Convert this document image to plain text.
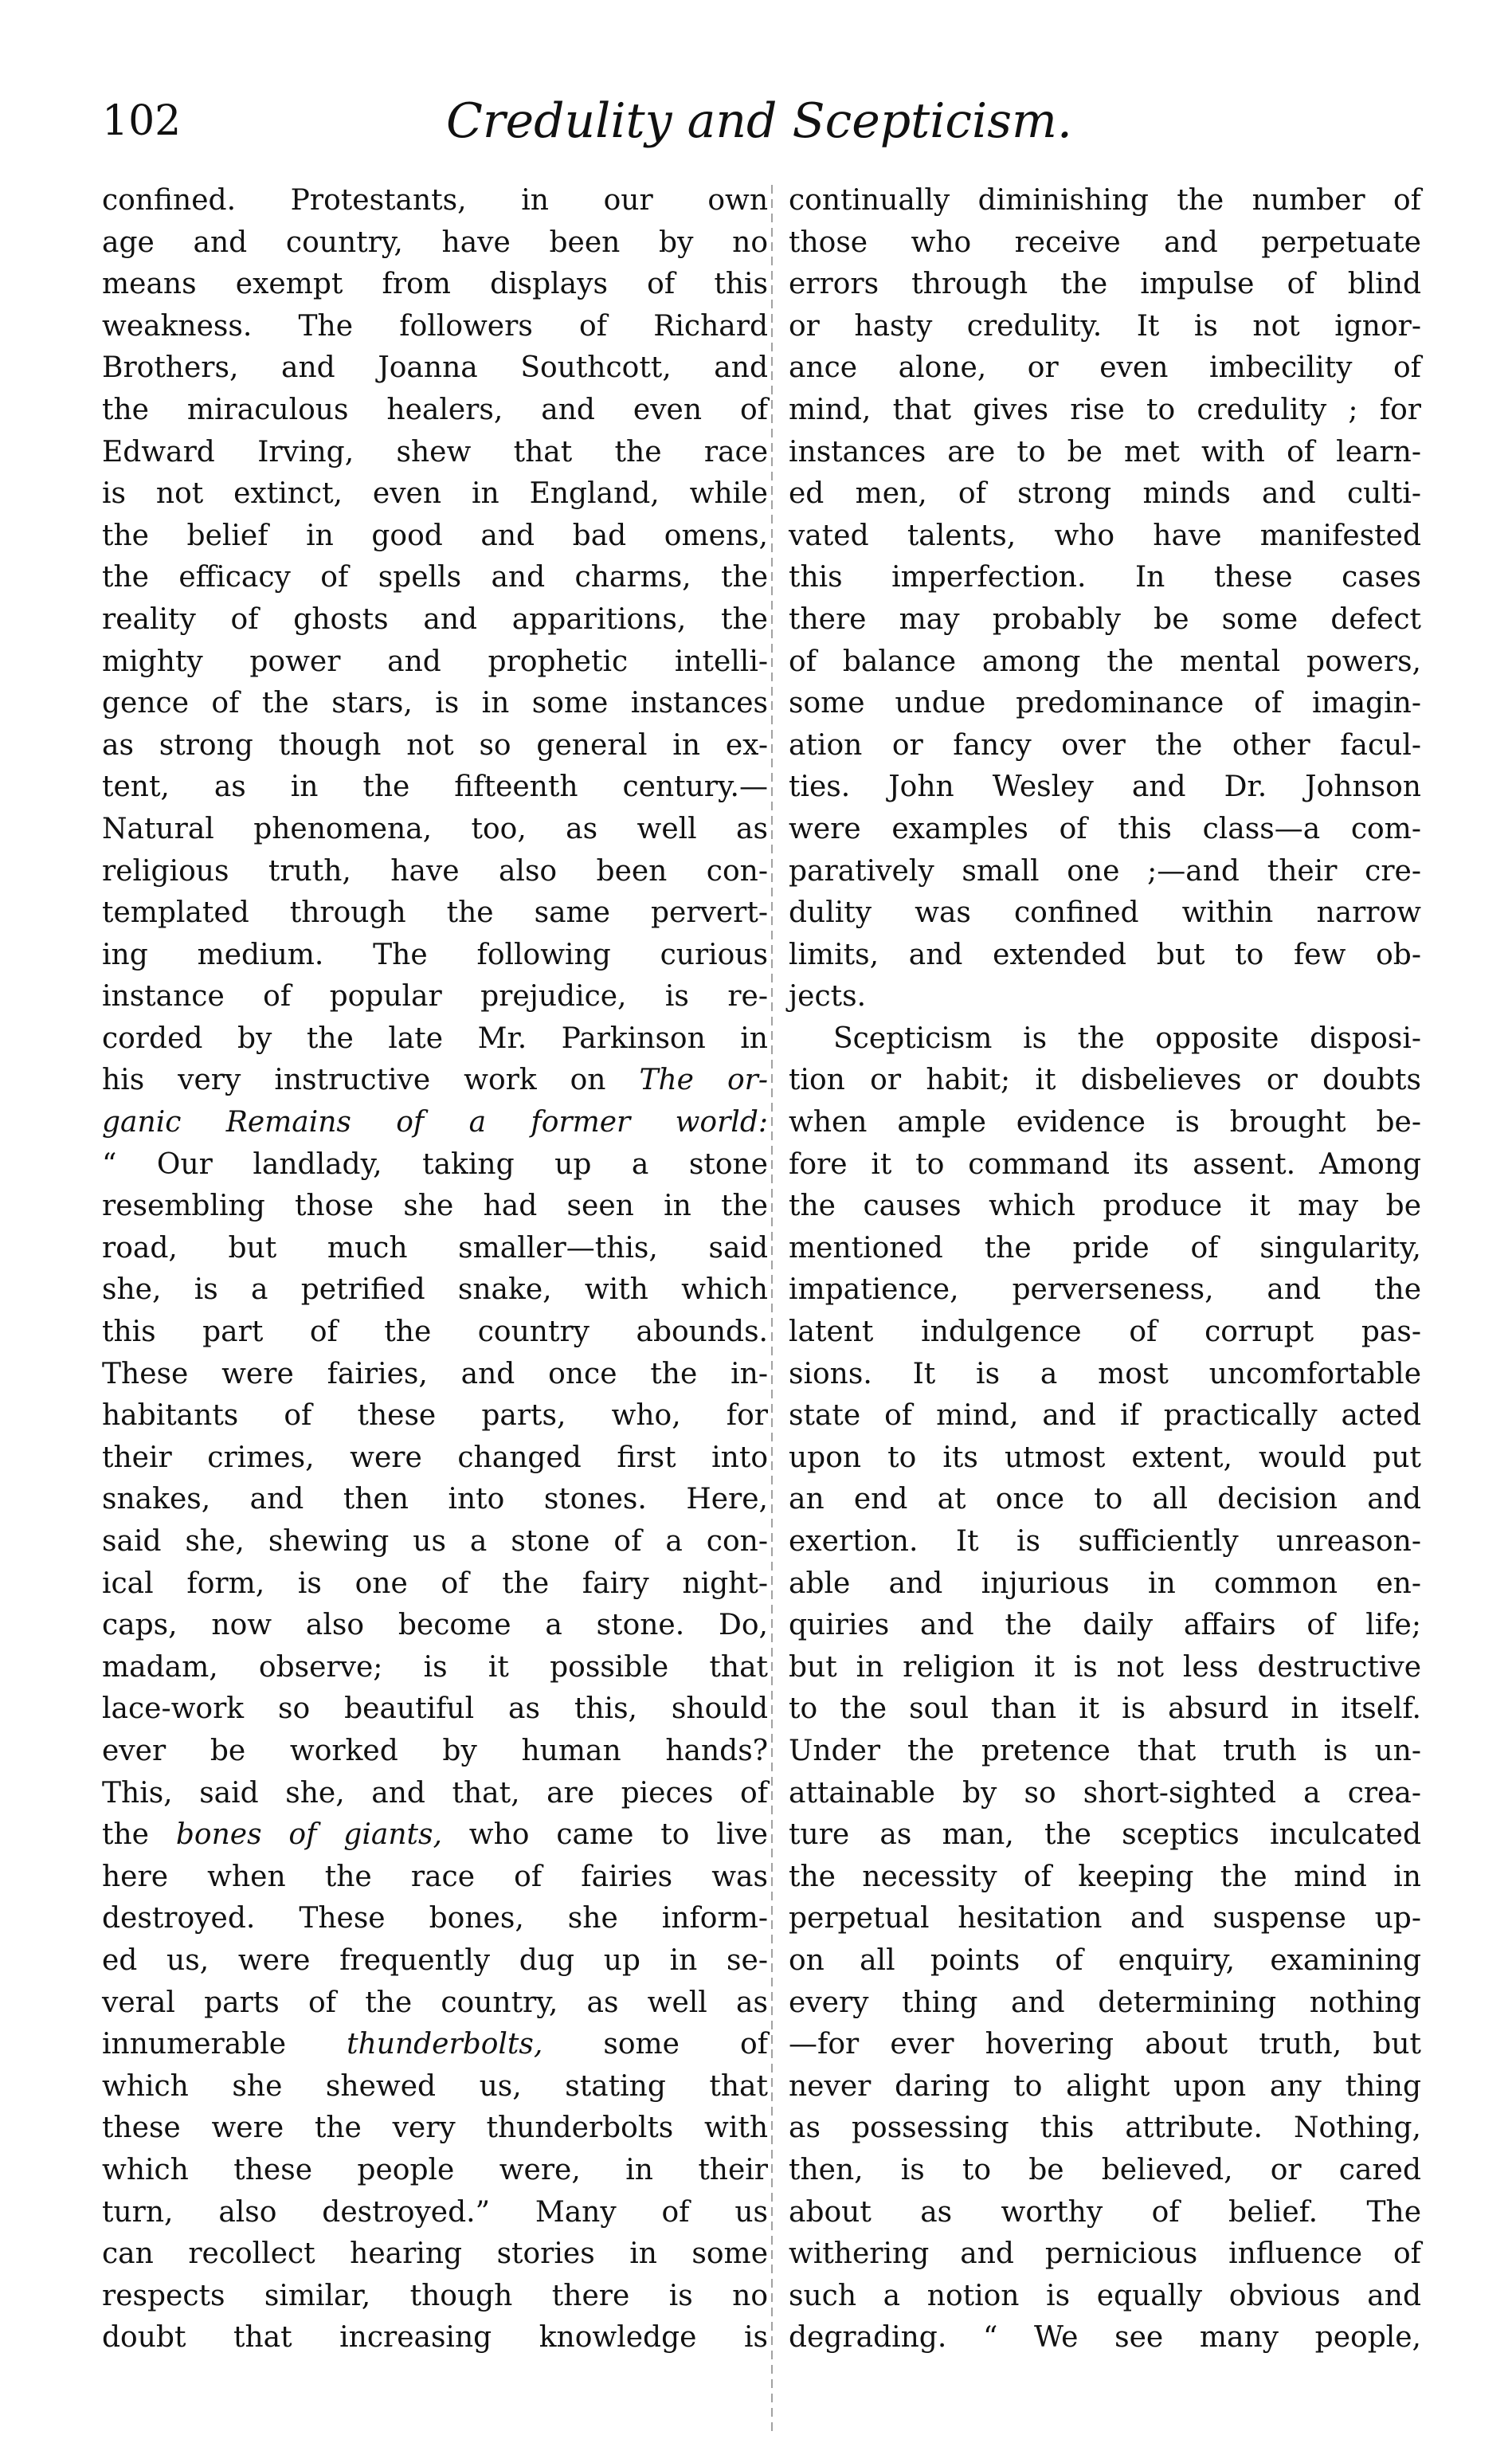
102	Credulity and Scepticism.
confined. Protestants, in our own
age and country, have been by no
means exempt from displays of this
weakness. The followers of Richard
Brothers, and Joanna Southcott, and
the miraculous healers, and even of
Edward Irving, shew that the race
is not extinct, even in England, while
the belief in good and bad omens,
the efficacy of spells and charms, the
reality of ghosts and apparitions, the
mighty power and prophetic intelli-
gence of the stars, is in some instances
as strong though not so general in ex-
tent, as in the fifteenth century.—
Natural phenomena, too, as well as
religious truth, have also been con-
templated through the same pervert-
ing medium. The following curious
instance of popular prejudice, is re-
corded by the late Mr. Parkinson in
his very instructive work on The or-
ganic Remains of a former world:
“ Our landlady, taking up a stone
resembling those she had seen in the
road, but much smaller—this, said
she, is a petrified snake, with which
this part of the country abounds.
These were fairies, and once the in-
habitants of these parts, who, for
their crimes, were changed first into
snakes, and then into stones. Here,
said she, shewing us a stone of a con-
ical form, is one of the fairy night-
caps, now also become a stone. Do,
madam, observe; is it possible that
lace-work so beautiful as this, should
ever be worked by human hands?
This, said she, and that, are pieces of
the bones of giants, who came to live
here when the race of fairies was
destroyed. These bones, she inform-
ed us, were frequently dug up in se-
veral parts of the country, as well as
innumerable thunderbolts, some of
which she shewed us, stating that
these were the very thunderbolts with
which these people were, in their
turn, also destroyed.” Many of us
can recollect hearing stories in some
respects similar, though there is no
doubt that increasing knowledge is
continually diminishing the number of
those who receive and perpetuate
errors through the impulse of blind
or hasty credulity. It is not ignor-
ance alone, or even imbecility of
mind, that gives rise to credulity ; for
instances are to be met with of learn-
ed men, of strong minds and culti-
vated talents, who have manifested
this imperfection. In these cases
there may probably be some defect
of balance among the mental powers,
some undue predominance of imagin-
ation or fancy over the other facul-
ties. John Wesley and Dr. Johnson
were examples of this class—a com-
paratively small one ;—and their cre-
dulity was confined within narrow
limits, and extended but to few ob-
jects.
Scepticism is the opposite disposi-
tion or habit; it disbelieves or doubts
when ample evidence is brought be-
fore it to command its assent. Among
the causes which produce it may be
mentioned the pride of singularity,
impatience, perverseness, and the
latent indulgence of corrupt pas-
sions. It is a most uncomfortable
state of mind, and if practically acted
upon to its utmost extent, would put
an end at once to all decision and
exertion. It is sufficiently unreason-
able and injurious in common en-
quiries and the daily affairs of life;
but in religion it is not less destructive
to the soul than it is absurd in itself.
Under the pretence that truth is un-
attainable by so short-sighted a crea-
ture as man, the sceptics inculcated
the necessity of keeping the mind in
perpetual hesitation and suspense up-
on all points of enquiry, examining
every thing and determining nothing
—for ever hovering about truth, but
never daring to alight upon any thing
as possessing this attribute. Nothing,
then, is to be believed, or cared
about as worthy of belief. The
withering and pernicious influence of
such a notion is equally obvious and
degrading. “ We see many people,
